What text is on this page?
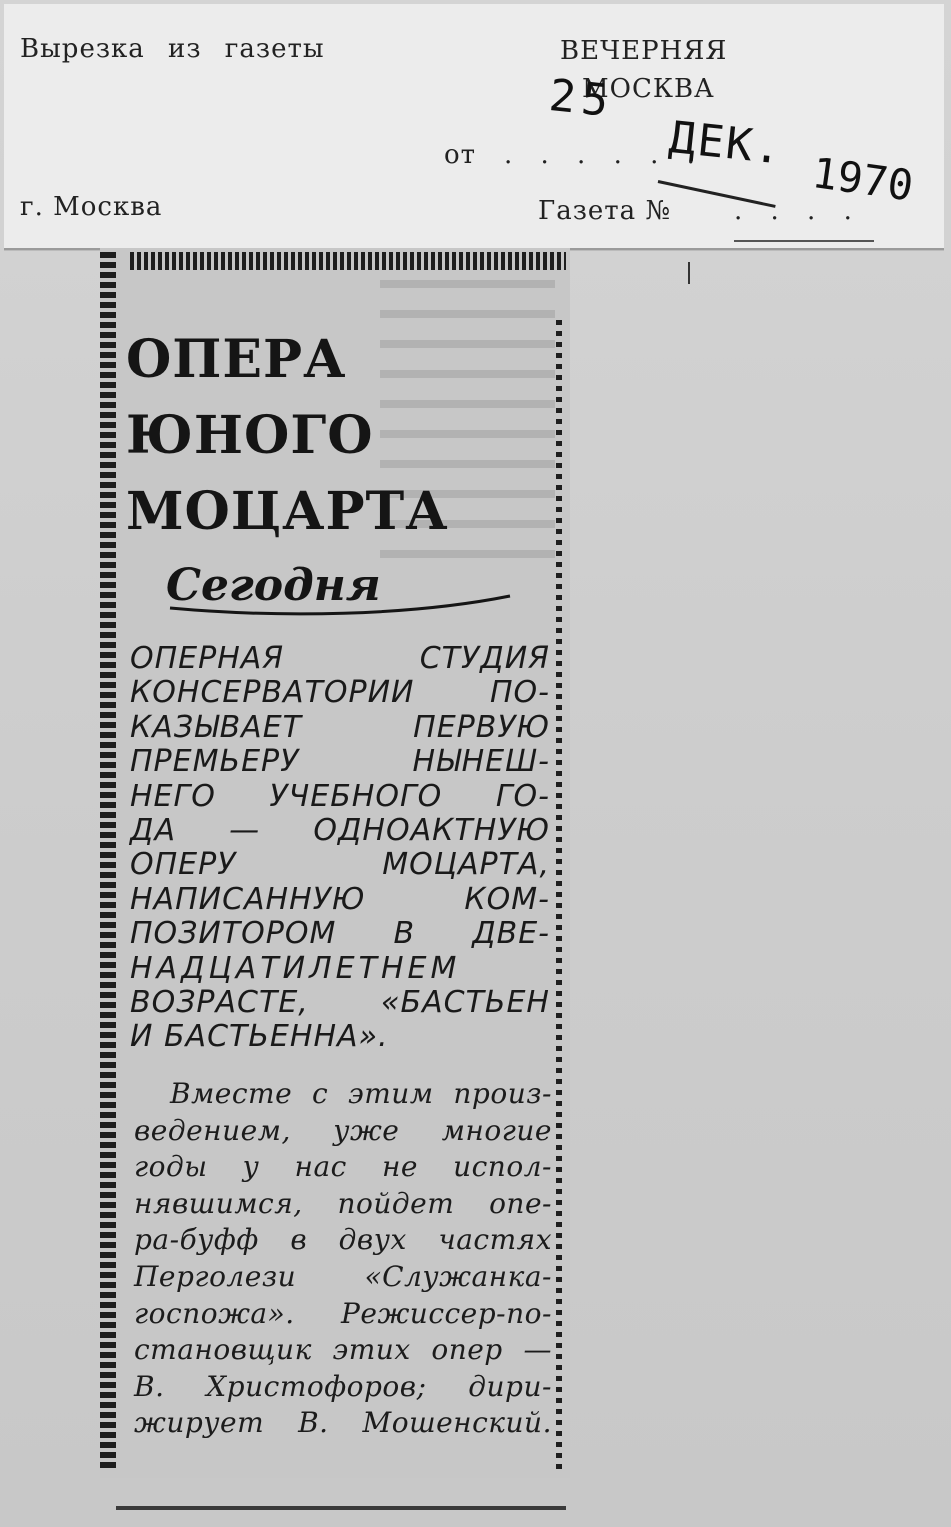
Вырезка из газеты	ВЕЧЕРНЯЯ
МОСКВА
от . . . . . .
25
ДЕК.
1970
г. Москва	Газета № . . . .
ОПЕРА
ЮНОГО
МОЦАРТА
Сегодня
ОПЕРНАЯ	СТУДИЯ
КОНСЕРВАТОРИИ	ПО-
КАЗЫВАЕТ	ПЕРВУЮ
ПРЕМЬЕРУ	НЫНЕШ-
НЕГО УЧЕБНОГО ГО-
ДА — ОДНОАКТНУЮ
ОПЕРУ	МОЦАРТА,
НАПИСАННУЮ	КОМ-
ПОЗИТОРОМ В ДВЕ-
НАДЦАТИЛЕТНЕМ
ВОЗРАСТЕ, «БАСТЬЕН
И БАСТЬЕННА».
Вместе с этим произ-
ведением, уже многие
годы у нас не испол-
нявшимся, пойдет опе-
ра-буфф в двух частях
Перголези «Служанка-
госпожа». Режиссер-по-
становщик этих опер —
В. Христофоров; дири-
жирует В. Мошенский.
